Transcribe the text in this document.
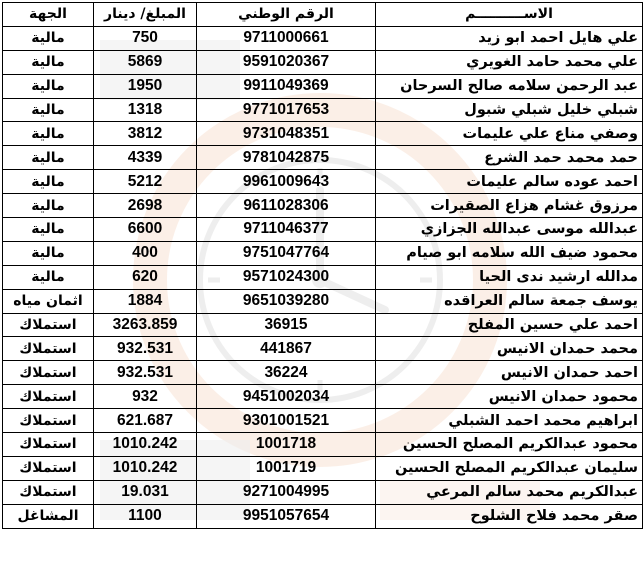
الاســــــــــم	الرقم الوطني	المبلغ/ دينار	الجهة
علي هايل احمد ابو زيد	9711000661	750	مالية
علي محمد حامد الغويري	9591020367	5869	مالية
عبد الرحمن سلامه صالح السرحان	9911049369	1950	مالية
شبلي خليل شبلي شبول	9771017653	1318	مالية
وصفي مناع علي عليمات	9731048351	3812	مالية
حمد محمد حمد الشرع	9781042875	4339	مالية
احمد عوده سالم عليمات	9961009643	5212	مالية
مرزوق غشام هزاع الصقيرات	9611028306	2698	مالية
عبدالله موسى عبدالله الجزازي	9711046377	6600	مالية
محمود ضيف الله سلامه ابو صيام	9751047764	400	مالية
مدالله ارشيد ندى الحيا	9571024300	620	مالية
يوسف جمعة سالم العراقده	9651039280	1884	اثمان مياه
احمد علي حسين المفلح	36915	3263.859	استملاك
محمد حمدان الانيس	441867	932.531	استملاك
احمد حمدان الانيس	36224	932.531	استملاك
محمود حمدان الانيس	9451002034	932	استملاك
ابراهيم محمد احمد الشبلي	9301001521	621.687	استملاك
محمود عبدالكريم المصلح الحسين	1001718	1010.242	استملاك
سليمان عبدالكريم المصلح الحسين	1001719	1010.242	استملاك
عبدالكريم محمد سالم المرعي	9271004995	19.031	استملاك
صقر محمد فلاح الشلوح	9951057654	1100	المشاغل
